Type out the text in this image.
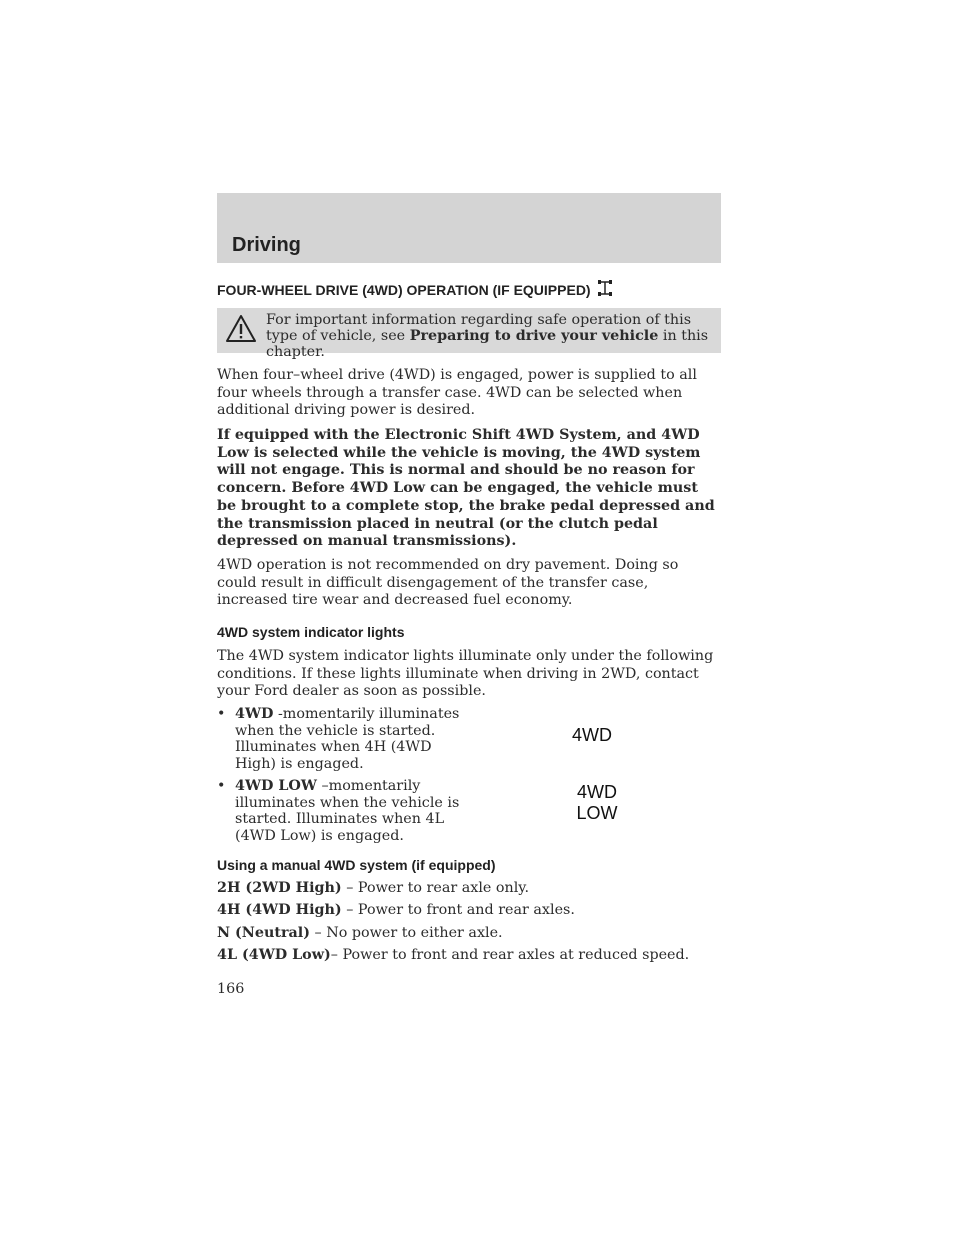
Driving
FOUR-WHEEL DRIVE (4WD) OPERATION (IF EQUIPPED)
For important information regarding safe operation of this type of vehicle, see Preparing to drive your vehicle in this chapter.
When four–wheel drive (4WD) is engaged, power is supplied to all four wheels through a transfer case. 4WD can be selected when additional driving power is desired.
If equipped with the Electronic Shift 4WD System, and 4WD Low is selected while the vehicle is moving, the 4WD system will not engage. This is normal and should be no reason for concern. Before 4WD Low can be engaged, the vehicle must be brought to a complete stop, the brake pedal depressed and the transmission placed in neutral (or the clutch pedal depressed on manual transmissions).
4WD operation is not recommended on dry pavement. Doing so could result in difficult disengagement of the transfer case, increased tire wear and decreased fuel economy.
4WD system indicator lights
The 4WD system indicator lights illuminate only under the following conditions. If these lights illuminate when driving in 2WD, contact your Ford dealer as soon as possible.
• 4WD -momentarily illuminates when the vehicle is started. Illuminates when 4H (4WD High) is engaged.
• 4WD LOW –momentarily illuminates when the vehicle is started. Illuminates when 4L (4WD Low) is engaged.
4WD
4WD
LOW
Using a manual 4WD system (if equipped)
2H (2WD High) – Power to rear axle only.
4H (4WD High) – Power to front and rear axles.
N (Neutral) – No power to either axle.
4L (4WD Low)– Power to front and rear axles at reduced speed.
166
